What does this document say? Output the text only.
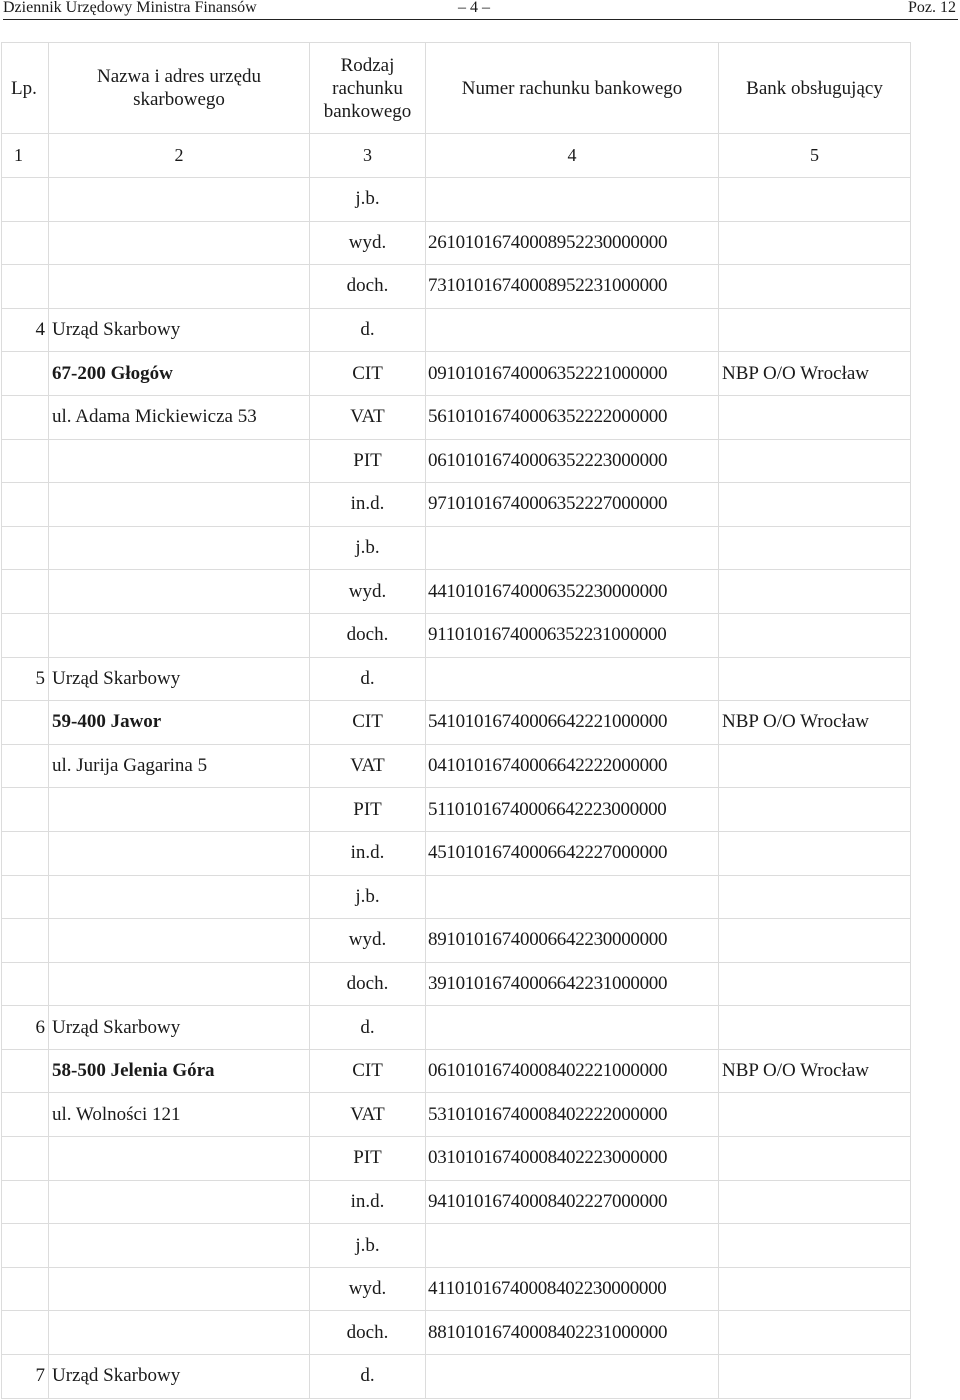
Dziennik Urzędowy Ministra Finansów	– 4 –	Poz. 12
Lp.	Nazwa i adres urzędu skarbowego	Rodzaj rachunku bankowego	Numer rachunku bankowego	Bank obsługujący
1	2	3	4	5
		j.b.		
		wyd.	26101016740008952230000000	
		doch.	73101016740008952231000000	
4	Urząd Skarbowy	d.		
	67-200 Głogów	CIT	09101016740006352221000000	NBP O/O Wrocław
	ul. Adama Mickiewicza 53	VAT	56101016740006352222000000	
		PIT	06101016740006352223000000	
		in.d.	97101016740006352227000000	
		j.b.		
		wyd.	44101016740006352230000000	
		doch.	91101016740006352231000000	
5	Urząd Skarbowy	d.		
	59-400 Jawor	CIT	54101016740006642221000000	NBP O/O Wrocław
	ul. Jurija Gagarina 5	VAT	04101016740006642222000000	
		PIT	51101016740006642223000000	
		in.d.	45101016740006642227000000	
		j.b.		
		wyd.	89101016740006642230000000	
		doch.	39101016740006642231000000	
6	Urząd Skarbowy	d.		
	58-500 Jelenia Góra	CIT	06101016740008402221000000	NBP O/O Wrocław
	ul. Wolności 121	VAT	53101016740008402222000000	
		PIT	03101016740008402223000000	
		in.d.	94101016740008402227000000	
		j.b.		
		wyd.	41101016740008402230000000	
		doch.	88101016740008402231000000	
7	Urząd Skarbowy	d.		
